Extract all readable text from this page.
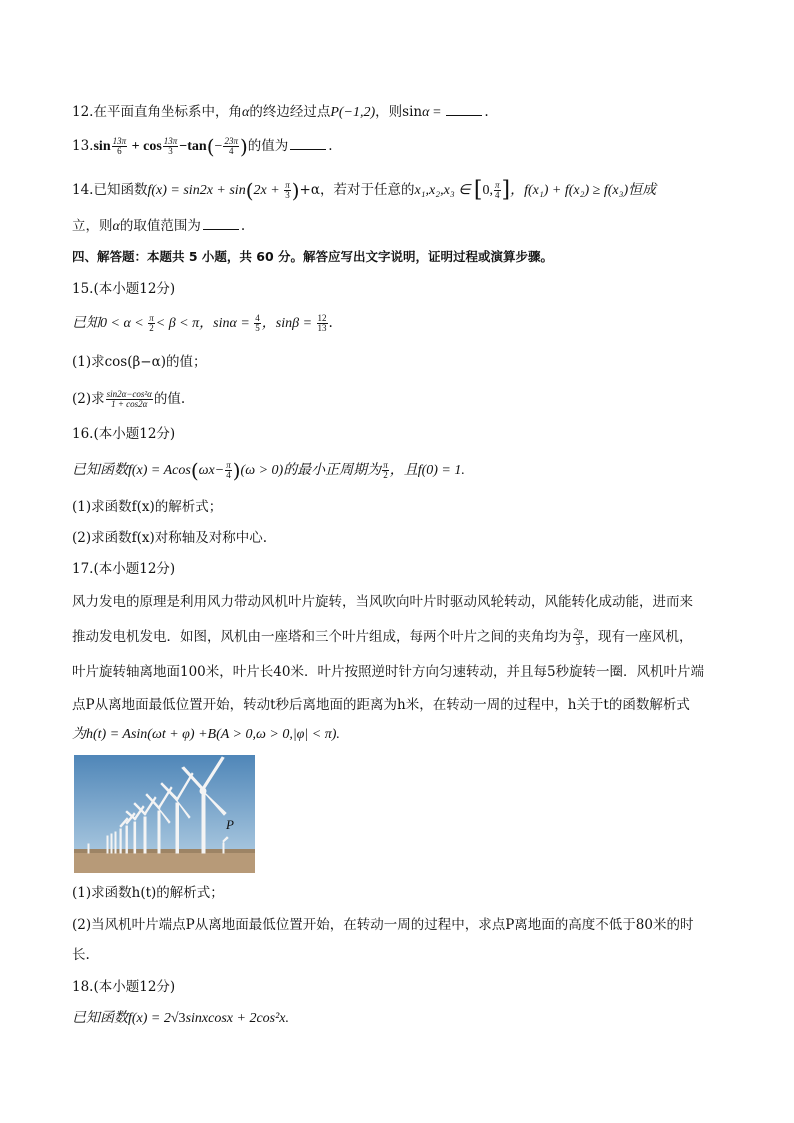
12.在平面直角坐标系中，角α的终边经过点P(−1,2)，则sinα =	.
$13.\sin \frac{13\pi}{6} + \cos \frac{13\pi}{3} -\tan(- \frac{23\pi}{4}$ )的值为	.
14.已知函数$f(x) = \sin 2x + \sin(2x + \frac{\pi}{3} )+\alpha$，若对于任意的x₁,x₂,x₃ ∈ [0, $\frac{\pi}{4}$ ]，f(x₁) + f(x₂) ≥ f(x₃)恒成
立，则α的取值范围为	.
四、解答题：本题共 5 小题，共 60 分。解答应写出文字说明，证明过程或演算步骤。
15.(本小题12分)
已知$0 < \alpha < \frac{\pi}{2} < \beta < \pi$，$\sin\alpha = \frac{4}{5}$ ，$\sin\beta = \frac{12}{13}$ .
(1)求cos(β−α)的值；
(2)求 $\frac{\text{sin2α−cos²α}}{1 + \cos 2\alpha}$ 的值.
16.(本小题12分)
已知函数$f(x) = Acos(\omega x- \frac{\pi}{4} )(\omega > 0)$的最小正周期为 $\frac{\pi}{2}$ ，且f(0) = 1.
(1)求函数f(x)的解析式；
(2)求函数f(x)对称轴及对称中心.
17.(本小题12分)
风力发电的原理是利用风力带动风机叶片旋转，当风吹向叶片时驱动风轮转动，风能转化成动能，进而来
推动发电机发电．如图，风机由一座塔和三个叶片组成，每两个叶片之间的夹角均为 $\frac{2\pi}{3}$ ，现有一座风机，
叶片旋转轴离地面100米，叶片长40米．叶片按照逆时针方向匀速转动，并且每5秒旋转一圈．风机叶片端
点P从离地面最低位置开始，转动t秒后离地面的距离为h米，在转动一周的过程中，h关于t的函数解析式
为h(t) = Asin(ωt + φ) +B(A > 0,ω > 0,|φ| < π).
P
(1)求函数h(t)的解析式；
(2)当风机叶片端点P从离地面最低位置开始，在转动一周的过程中，求点P离地面的高度不低于80米的时
长.
18.(本小题12分)
已知函数f(x) = 2√3sinxcosx + 2cos²x.
